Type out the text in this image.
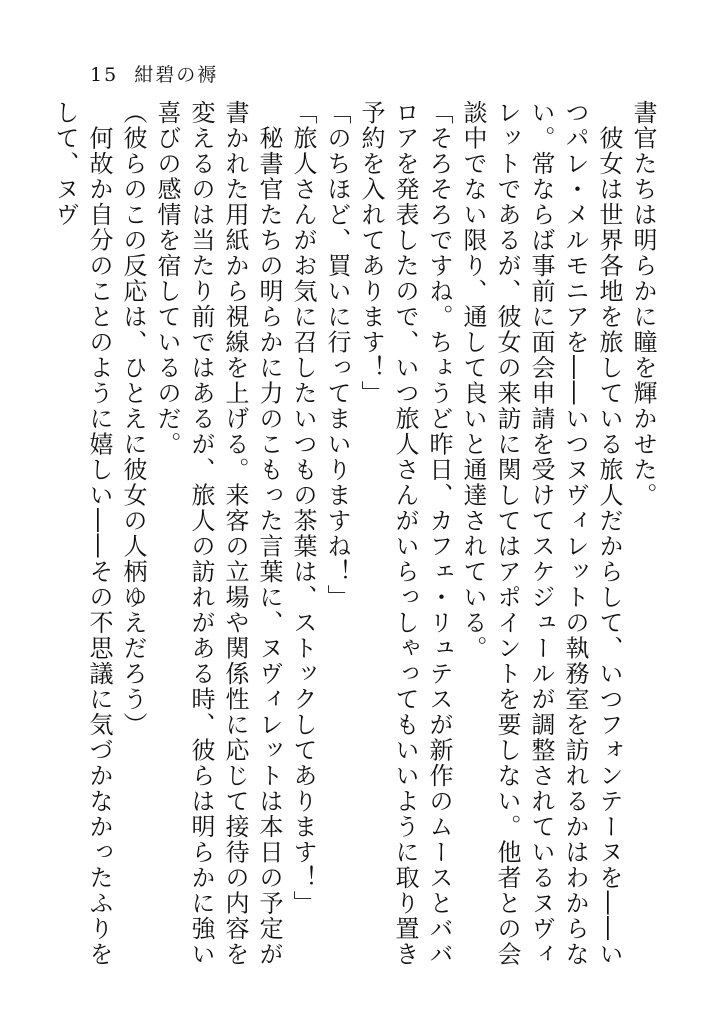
15 紺碧の褥

書官たちは明らかに瞳を輝かせた。

　彼女は世界各地を旅している旅人だからして、いつフォンテーヌを――いつパレ・メルモニアを――いつヌヴィレットの執務室を訪れるかはわからない。常ならば事前に面会申請を受けてスケジュールが調整されているヌヴィレットであるが、彼女の来訪に関してはアポイントを要しない。他者との会談中でない限り、通して良いと通達されている。

「そろそろですね。ちょうど昨日、カフェ・リュテスが新作のムースとババロアを発表したので、いつ旅人さんがいらっしゃってもいいように取り置き予約を入れてあります！」

「のちほど、買いに行ってまいりますね！」

「旅人さんがお気に召したいつもの茶葉は、ストックしてあります！」

　秘書官たちの明らかに力のこもった言葉に、ヌヴィレットは本日の予定が書かれた用紙から視線を上げる。来客の立場や関係性に応じて接待の内容を変えるのは当たり前ではあるが、旅人の訪れがある時、彼らは明らかに強い喜びの感情を宿しているのだ。

（彼らのこの反応は、ひとえに彼女の人柄ゆえだろう）

　何故か自分のことのように嬉しい――その不思議に気づかなかったふりをして、ヌヴ
